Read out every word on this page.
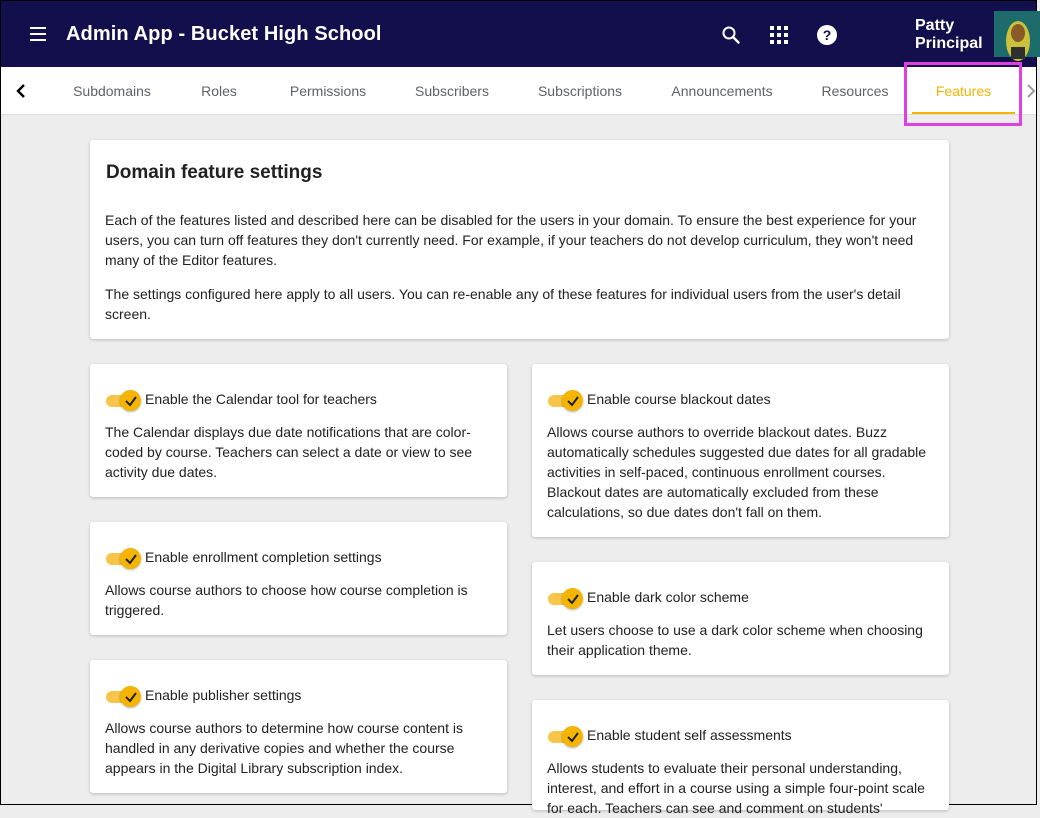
Admin App - Bucket High School	?
Patty
Principal
Subdomains	Roles	Permissions	Subscribers	Subscriptions	Announcements	Resources	Features
Domain feature settings

Each of the features listed and described here can be disabled for the users in your domain. To ensure the best experience for your users, you can turn off features they don't currently need. For example, if your teachers do not develop curriculum, they won't need many of the Editor features.

The settings configured here apply to all users. You can re-enable any of these features for individual users from the user's detail screen.

Enable the Calendar tool for teachers
The Calendar displays due date notifications that are color-
coded by course. Teachers can select a date or view to see
activity due dates.
Enable enrollment completion settings
Allows course authors to choose how course completion is
triggered.
Enable publisher settings
Allows course authors to determine how course content is
handled in any derivative copies and whether the course
appears in the Digital Library subscription index.
Enable course blackout dates
Allows course authors to override blackout dates. Buzz
automatically schedules suggested due dates for all gradable
activities in self-paced, continuous enrollment courses.
Blackout dates are automatically excluded from these
calculations, so due dates don't fall on them.
Enable dark color scheme
Let users choose to use a dark color scheme when choosing
their application theme.
Enable student self assessments
Allows students to evaluate their personal understanding,
interest, and effort in a course using a simple four-point scale
for each. Teachers can see and comment on students'
